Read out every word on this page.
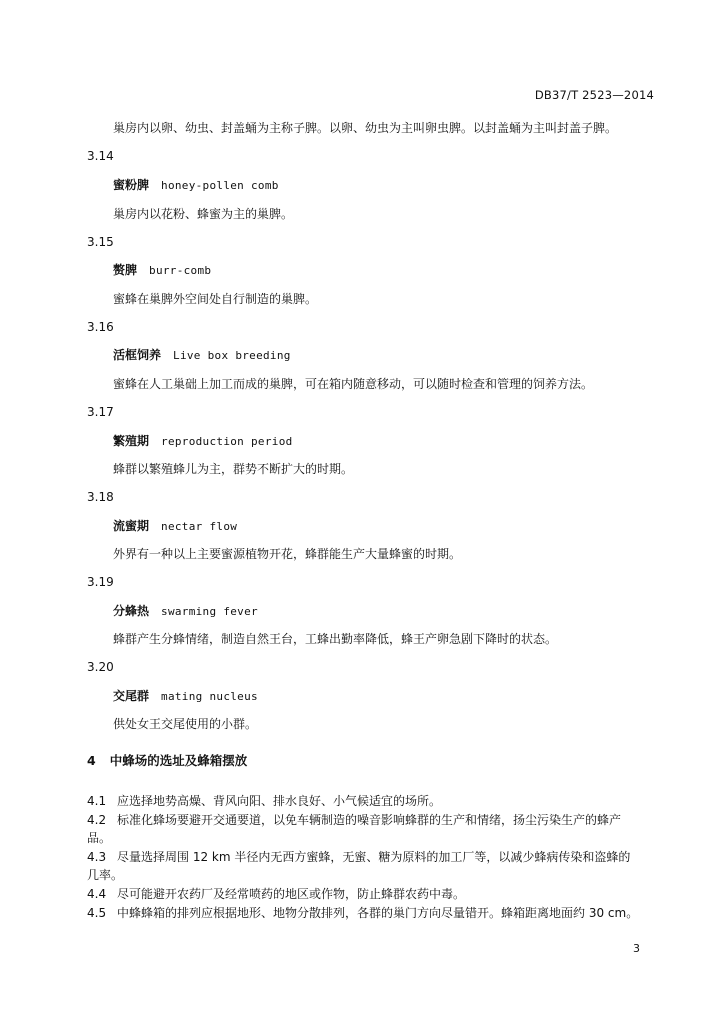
DB37/T 2523—2014
巢房内以卵、幼虫、封盖蛹为主称子脾。以卵、幼虫为主叫卵虫脾。以封盖蛹为主叫封盖子脾。
3.14
蜜粉脾 honey-pollen comb
巢房内以花粉、蜂蜜为主的巢脾。
3.15
赘脾 burr-comb
蜜蜂在巢脾外空间处自行制造的巢脾。
3.16
活框饲养 Live box breeding
蜜蜂在人工巢础上加工而成的巢脾，可在箱内随意移动，可以随时检查和管理的饲养方法。
3.17
繁殖期 reproduction period
蜂群以繁殖蜂儿为主，群势不断扩大的时期。
3.18
流蜜期 nectar flow
外界有一种以上主要蜜源植物开花，蜂群能生产大量蜂蜜的时期。
3.19
分蜂热 swarming fever
蜂群产生分蜂情绪，制造自然王台，工蜂出勤率降低，蜂王产卵急剧下降时的状态。
3.20
交尾群 mating nucleus
供处女王交尾使用的小群。
4 中蜂场的选址及蜂箱摆放
4.1 应选择地势高燥、背风向阳、排水良好、小气候适宜的场所。
4.2 标准化蜂场要避开交通要道，以免车辆制造的噪音影响蜂群的生产和情绪，扬尘污染生产的蜂产
品。
4.3 尽量选择周围 12 km 半径内无西方蜜蜂，无蜜、糖为原料的加工厂等，以减少蜂病传染和盗蜂的
几率。
4.4 尽可能避开农药厂及经常喷药的地区或作物，防止蜂群农药中毒。
4.5 中蜂蜂箱的排列应根据地形、地物分散排列，各群的巢门方向尽量错开。蜂箱距离地面约 30 cm。
3
